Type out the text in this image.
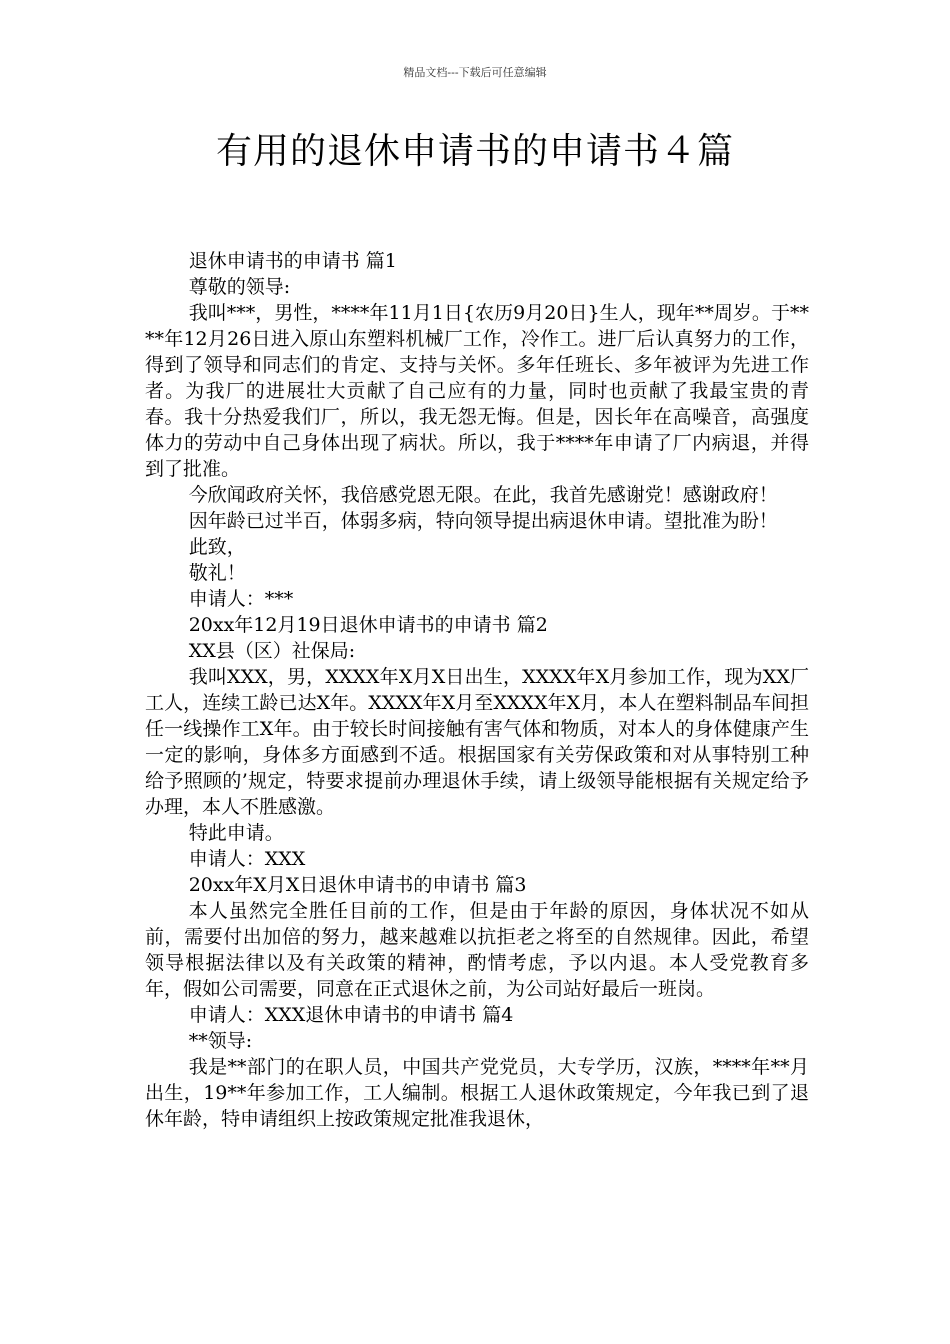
精品文档---下载后可任意编辑
有用的退休申请书的申请书４篇

退休申请书的申请书 篇1

尊敬的领导:

我叫***，男性，****年11月1日{农历9月20日}生人，现年**周岁。于****年12月26日进入原山东塑料机械厂工作，冷作工。进厂后认真努力的工作，得到了领导和同志们的肯定、支持与关怀。多年任班长、多年被评为先进工作者。为我厂的进展壮大贡献了自己应有的力量，同时也贡献了我最宝贵的青春。我十分热爱我们厂，所以，我无怨无悔。但是，因长年在高噪音，高强度体力的劳动中自己身体出现了病状。所以，我于****年申请了厂内病退，并得到了批准。

今欣闻政府关怀，我倍感党恩无限。在此，我首先感谢党！感谢政府！

因年龄已过半百，体弱多病，特向领导提出病退休申请。望批准为盼！

此致，

敬礼！

申请人：***

20xx年12月19日退休申请书的申请书 篇2

XX县（区）社保局:

我叫XXX，男，XXXX年X月X日出生，XXXX年X月参加工作，现为XX厂工人，连续工龄已达X年。XXXX年X月至XXXX年X月，本人在塑料制品车间担任一线操作工X年。由于较长时间接触有害气体和物质，对本人的身体健康产生一定的影响，身体多方面感到不适。根据国家有关劳保政策和对从事特别工种给予照顾的’规定，特要求提前办理退休手续，请上级领导能根据有关规定给予办理，本人不胜感激。

特此申请。

申请人：XXX

20xx年X月X日退休申请书的申请书 篇3

本人虽然完全胜任目前的工作，但是由于年龄的原因，身体状况不如从前，需要付出加倍的努力，越来越难以抗拒老之将至的自然规律。因此，希望领导根据法律以及有关政策的精神，酌情考虑，予以内退。本人受党教育多年，假如公司需要，同意在正式退休之前，为公司站好最后一班岗。

申请人：XXX退休申请书的申请书 篇4

**领导:

我是**部门的在职人员，中国共产党党员，大专学历，汉族，****年**月出生，19**年参加工作，工人编制。根据工人退休政策规定，今年我已到了退休年龄，特申请组织上按政策规定批准我退休，
